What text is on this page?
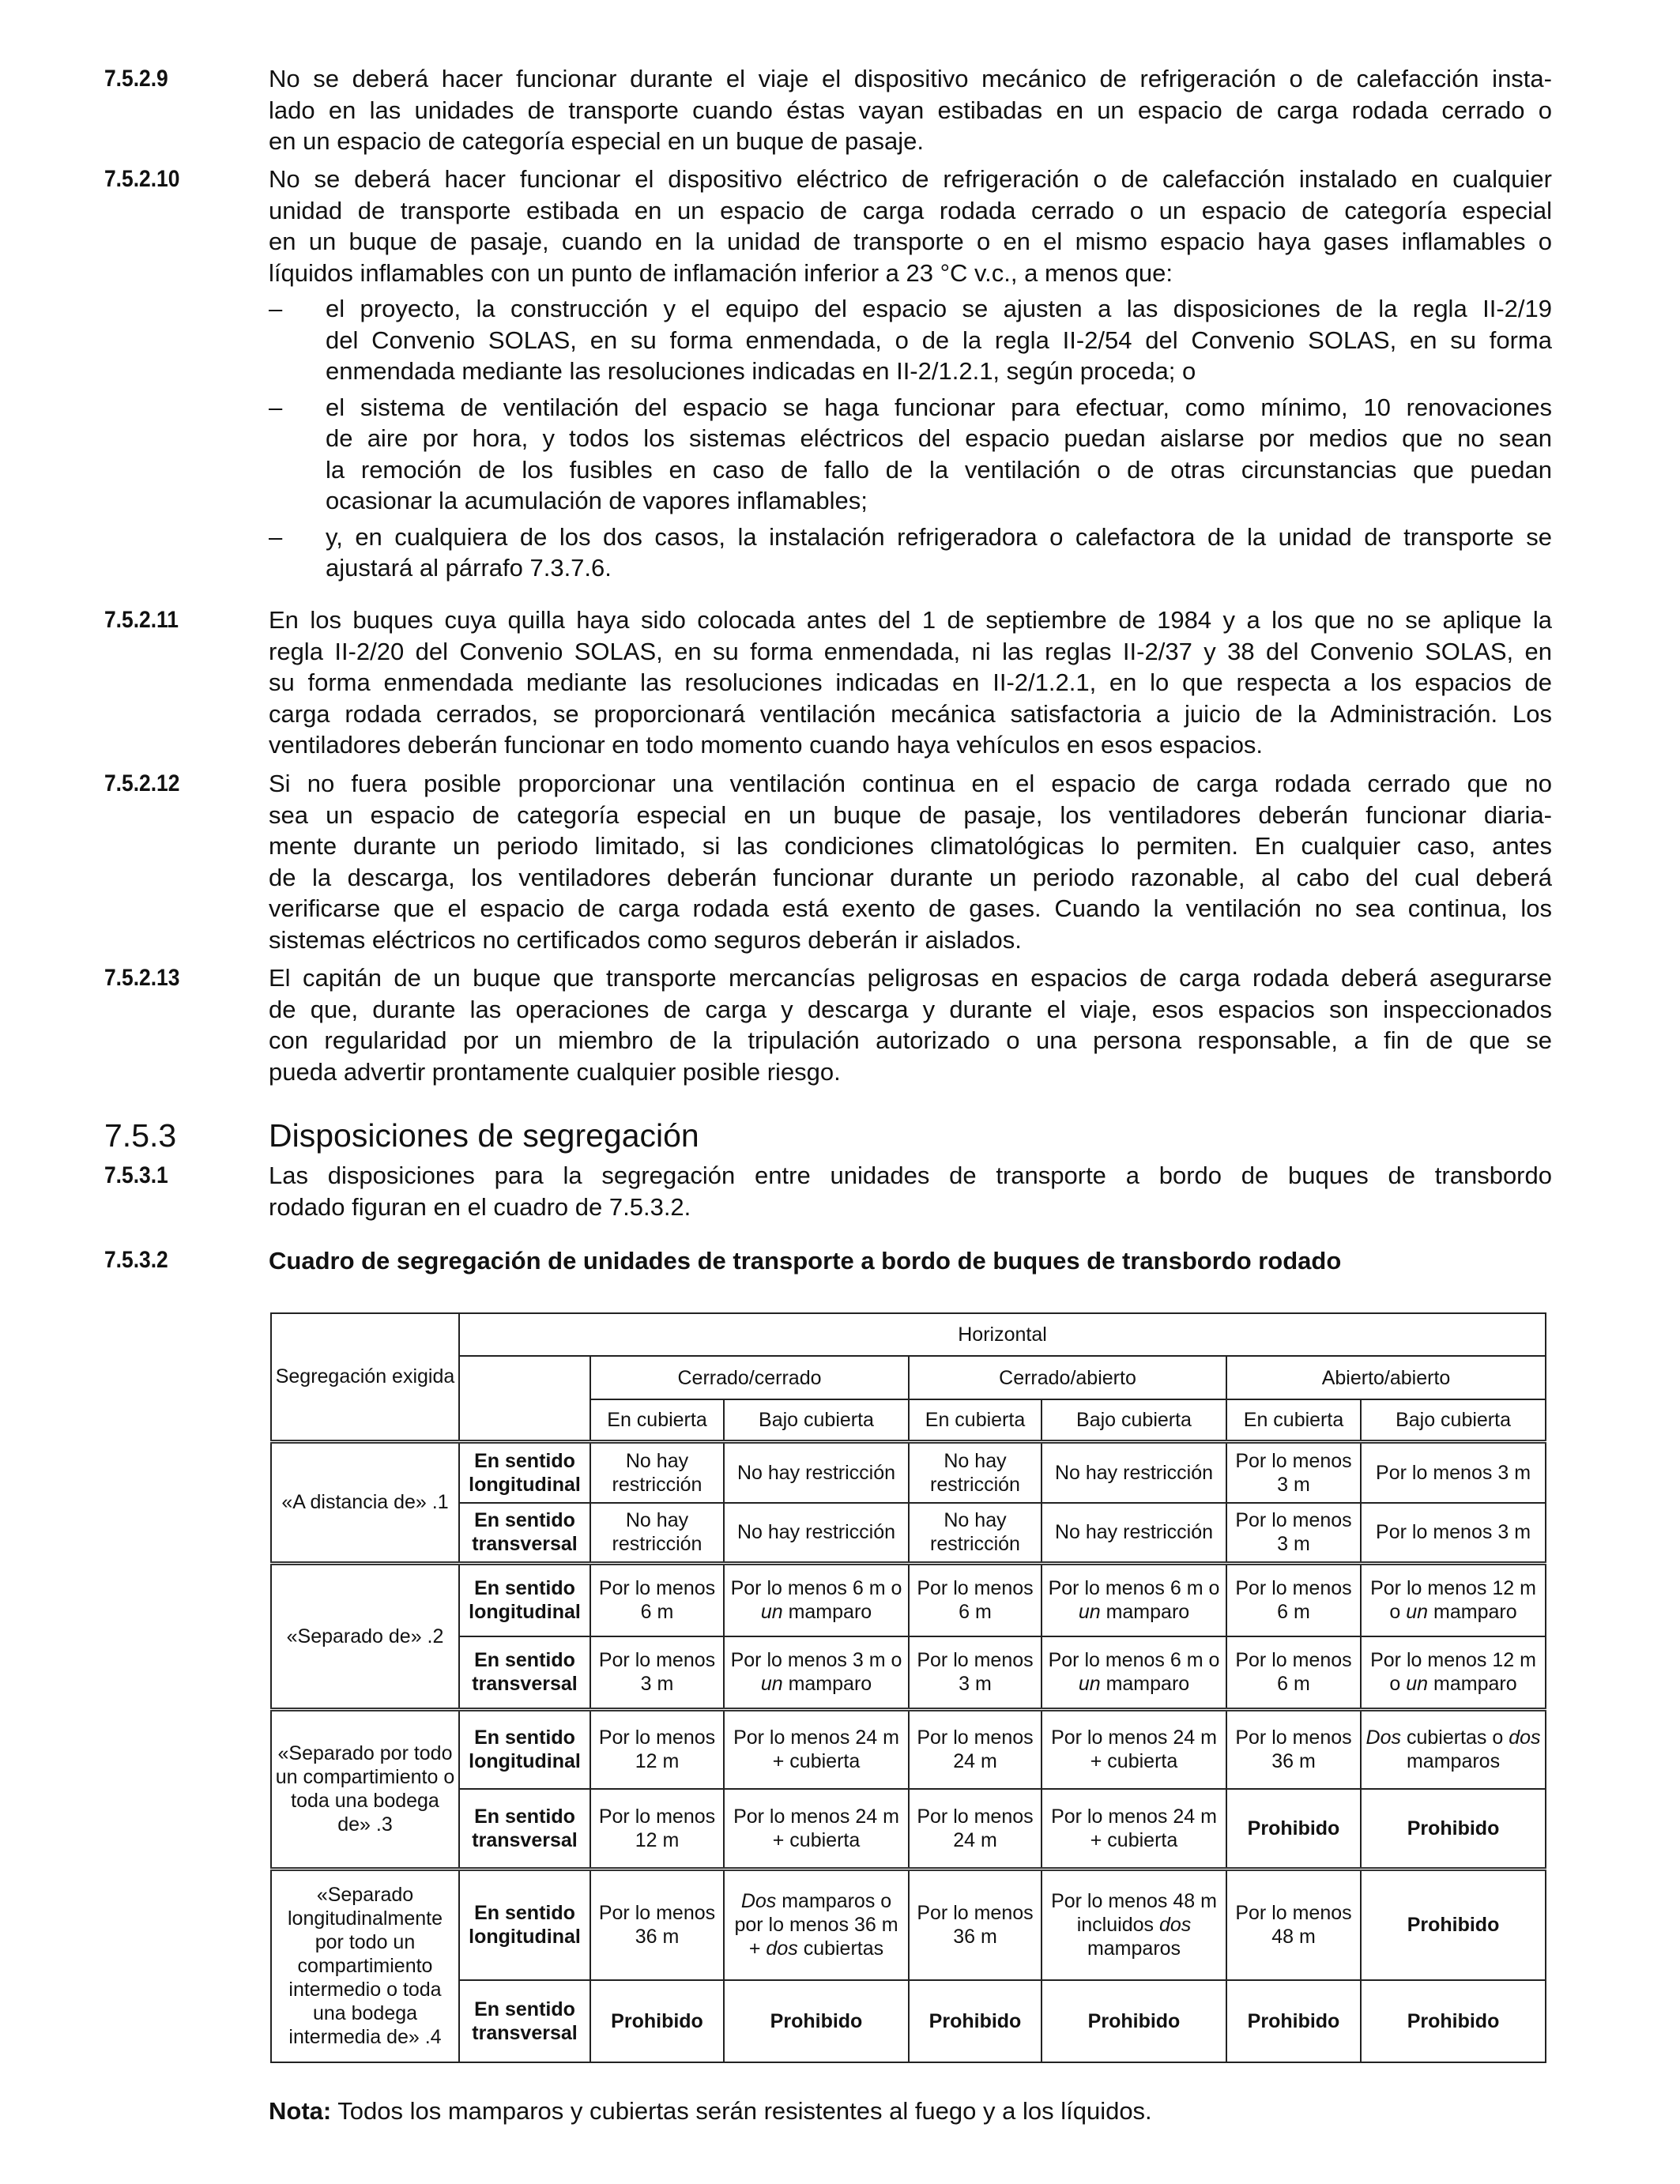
7.5.2.9	No se deberá hacer funcionar durante el viaje el dispositivo mecánico de refrigeración o de calefacción insta-
lado en las unidades de transporte cuando éstas vayan estibadas en un espacio de carga rodada cerrado o
en un espacio de categoría especial en un buque de pasaje.
7.5.2.10	No se deberá hacer funcionar el dispositivo eléctrico de refrigeración o de calefacción instalado en cualquier
unidad de transporte estibada en un espacio de carga rodada cerrado o un espacio de categoría especial
en un buque de pasaje, cuando en la unidad de transporte o en el mismo espacio haya gases inflamables o
líquidos inflamables con un punto de inflamación inferior a 23 °C v.c., a menos que:
– el proyecto, la construcción y el equipo del espacio se ajusten a las disposiciones de la regla II-2/19
del Convenio SOLAS, en su forma enmendada, o de la regla II-2/54 del Convenio SOLAS, en su forma
enmendada mediante las resoluciones indicadas en II-2/1.2.1, según proceda; o
– el sistema de ventilación del espacio se haga funcionar para efectuar, como mínimo, 10 renovaciones
de aire por hora, y todos los sistemas eléctricos del espacio puedan aislarse por medios que no sean
la remoción de los fusibles en caso de fallo de la ventilación o de otras circunstancias que puedan
ocasionar la acumulación de vapores inflamables;
– y, en cualquiera de los dos casos, la instalación refrigeradora o calefactora de la unidad de transporte se
ajustará al párrafo 7.3.7.6.
7.5.2.11	En los buques cuya quilla haya sido colocada antes del 1 de septiembre de 1984 y a los que no se aplique la
regla II-2/20 del Convenio SOLAS, en su forma enmendada, ni las reglas II-2/37 y 38 del Convenio SOLAS, en
su forma enmendada mediante las resoluciones indicadas en II-2/1.2.1, en lo que respecta a los espacios de
carga rodada cerrados, se proporcionará ventilación mecánica satisfactoria a juicio de la Administración. Los
ventiladores deberán funcionar en todo momento cuando haya vehículos en esos espacios.
7.5.2.12	Si no fuera posible proporcionar una ventilación continua en el espacio de carga rodada cerrado que no
sea un espacio de categoría especial en un buque de pasaje, los ventiladores deberán funcionar diaria-
mente durante un periodo limitado, si las condiciones climatológicas lo permiten. En cualquier caso, antes
de la descarga, los ventiladores deberán funcionar durante un periodo razonable, al cabo del cual deberá
verificarse que el espacio de carga rodada está exento de gases. Cuando la ventilación no sea continua, los
sistemas eléctricos no certificados como seguros deberán ir aislados.
7.5.2.13	El capitán de un buque que transporte mercancías peligrosas en espacios de carga rodada deberá asegurarse
de que, durante las operaciones de carga y descarga y durante el viaje, esos espacios son inspeccionados
con regularidad por un miembro de la tripulación autorizado o una persona responsable, a fin de que se
pueda advertir prontamente cualquier posible riesgo.
7.5.3	Disposiciones de segregación
7.5.3.1	Las disposiciones para la segregación entre unidades de transporte a bordo de buques de transbordo
rodado figuran en el cuadro de 7.5.3.2.
7.5.3.2	Cuadro de segregación de unidades de transporte a bordo de buques de transbordo rodado
Segregación exigida	Horizontal						
		Cerrado/cerrado		Cerrado/abierto		Abierto/abierto	
		En cubierta	Bajo cubierta	En cubierta	Bajo cubierta	En cubierta	Bajo cubierta
«A distancia de» .1	En sentido longitudinal	No hay restricción	No hay restricción	No hay restricción	No hay restricción	Por lo menos 3 m	Por lo menos 3 m
	En sentido transversal	No hay restricción	No hay restricción	No hay restricción	No hay restricción	Por lo menos 3 m	Por lo menos 3 m
«Separado de» .2	En sentido longitudinal	Por lo menos 6 m	Por lo menos 6 m o un mamparo	Por lo menos 6 m	Por lo menos 6 m o un mamparo	Por lo menos 6 m	Por lo menos 12 m o un mamparo
	En sentido transversal	Por lo menos 3 m	Por lo menos 3 m o un mamparo	Por lo menos 3 m	Por lo menos 6 m o un mamparo	Por lo menos 6 m	Por lo menos 12 m o un mamparo
«Separado por todo un compartimiento o toda una bodega de» .3	En sentido longitudinal	Por lo menos 12 m	Por lo menos 24 m + cubierta	Por lo menos 24 m	Por lo menos 24 m + cubierta	Por lo menos 36 m	Dos cubiertas o dos mamparos
	En sentido transversal	Por lo menos 12 m	Por lo menos 24 m + cubierta	Por lo menos 24 m	Por lo menos 24 m + cubierta	Prohibido	Prohibido
«Separado longitudinalmente por todo un compartimiento intermedio o toda una bodega intermedia de» .4	En sentido longitudinal	Por lo menos 36 m	Dos mamparos o por lo menos 36 m + dos cubiertas	Por lo menos 36 m	Por lo menos 48 m incluidos dos mamparos	Por lo menos 48 m	Prohibido
	En sentido transversal	Prohibido	Prohibido	Prohibido	Prohibido	Prohibido	Prohibido
Nota: Todos los mamparos y cubiertas serán resistentes al fuego y a los líquidos.
